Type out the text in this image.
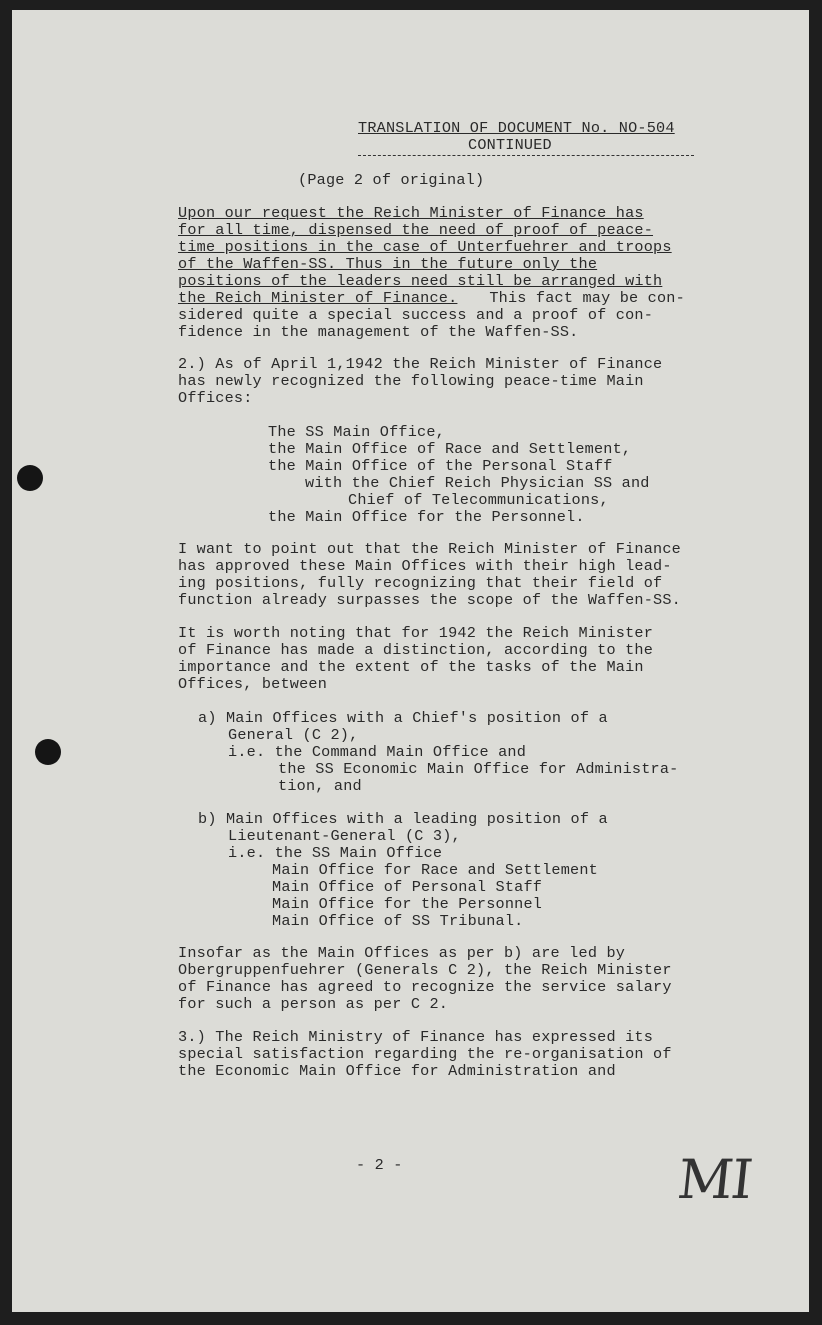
TRANSLATION OF DOCUMENT No. NO-504

CONTINUED

(Page 2 of original)

Upon our request the Reich Minister of Finance has

for all time, dispensed the need of proof of peace-

time positions in the case of Unterfuehrer and troops

of the Waffen-SS. Thus in the future only the

positions of the leaders need still be arranged with

the Reich Minister of Finance. This fact may be con-

sidered quite a special success and a proof of con-

fidence in the management of the Waffen-SS.

2.) As of April 1,1942 the Reich Minister of Finance

has newly recognized the following peace-time Main

Offices:

The SS Main Office,

the Main Office of Race and Settlement,

the Main Office of the Personal Staff

with the Chief Reich Physician SS and

Chief of Telecommunications,

the Main Office for the Personnel.

I want to point out that the Reich Minister of Finance

has approved these Main Offices with their high lead-

ing positions, fully recognizing that their field of

function already surpasses the scope of the Waffen-SS.

It is worth noting that for 1942 the Reich Minister

of Finance has made a distinction, according to the

importance and the extent of the tasks of the Main

Offices, between

a) Main Offices with a Chief's position of a

General (C 2),

i.e. the Command Main Office and

the SS Economic Main Office for Administra-

tion, and

b) Main Offices with a leading position of a

Lieutenant-General (C 3),

i.e. the SS Main Office

Main Office for Race and Settlement

Main Office of Personal Staff

Main Office for the Personnel

Main Office of SS Tribunal.

Insofar as the Main Offices as per b) are led by

Obergruppenfuehrer (Generals C 2), the Reich Minister

of Finance has agreed to recognize the service salary

for such a person as per C 2.

3.) The Reich Ministry of Finance has expressed its

special satisfaction regarding the re-organisation of

the Economic Main Office for Administration and

- 2 -	MI
